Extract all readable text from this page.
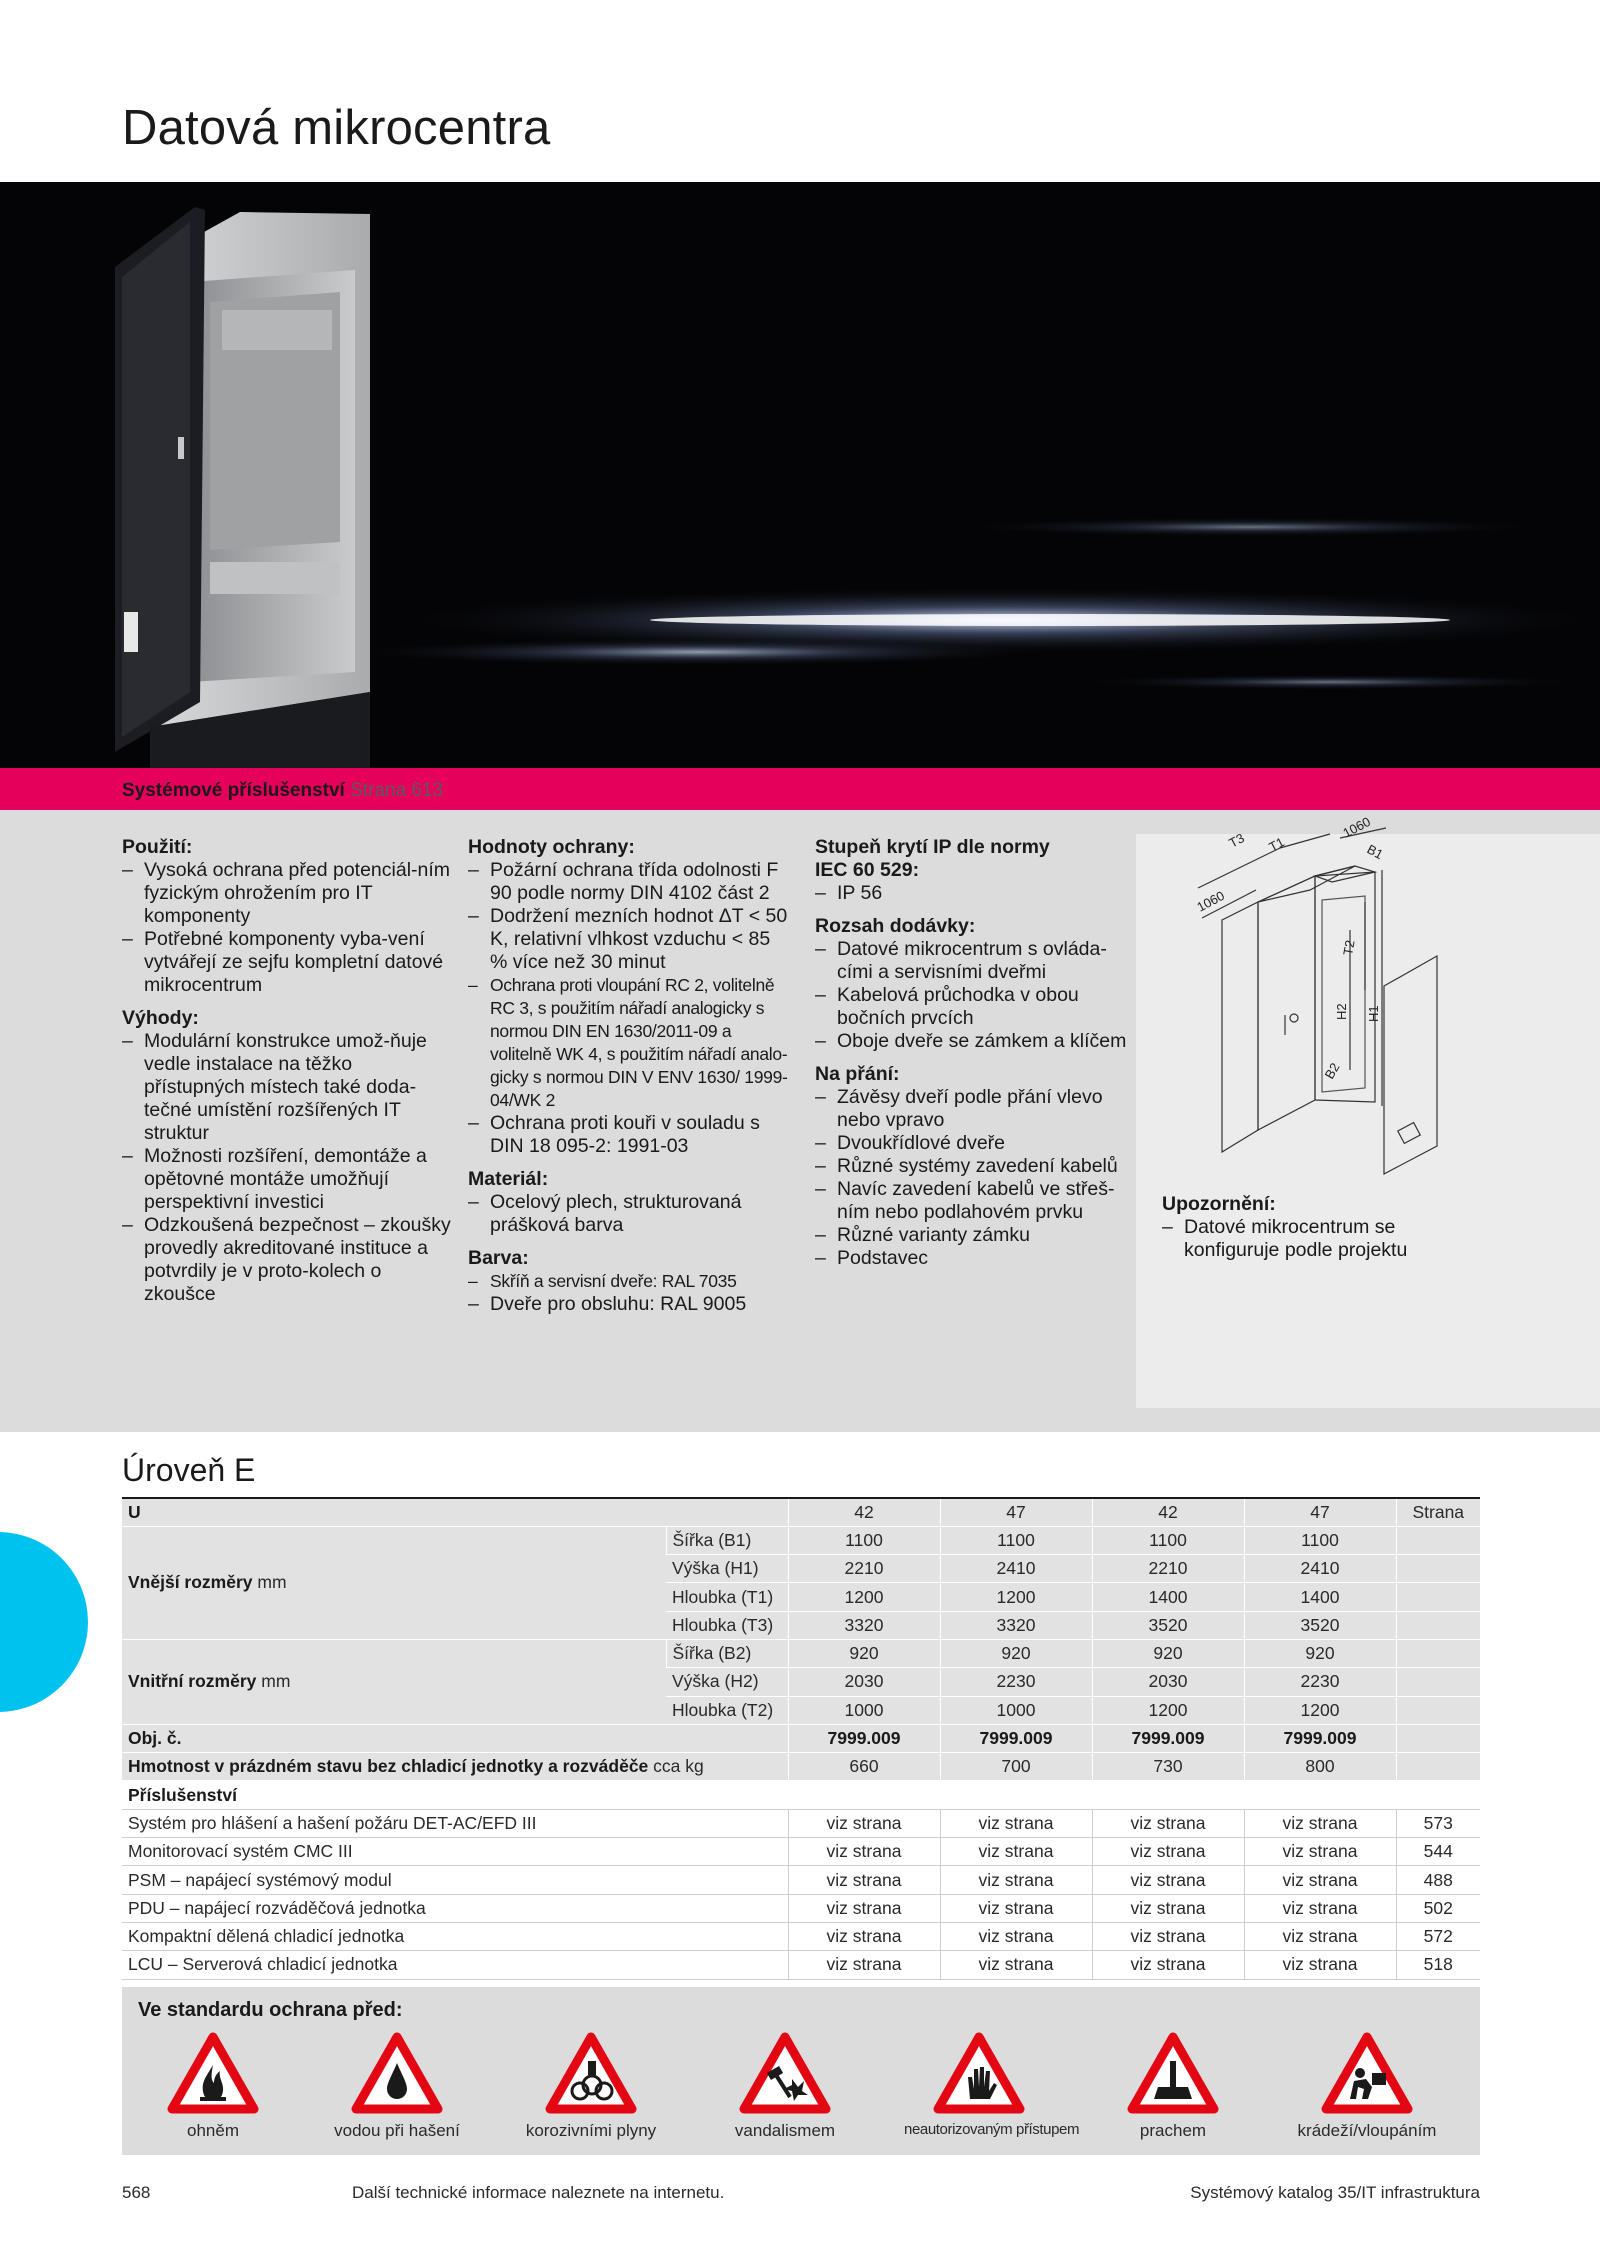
Datová mikrocentra
Systémové příslušenství Strana 613
Použití:
– Vysoká ochrana před potenciál-ním fyzickým ohrožením pro IT komponenty
– Potřebné komponenty vyba-vení vytvářejí ze sejfu kompletní datové mikrocentrum
Výhody:
– Modulární konstrukce umož-ňuje vedle instalace na těžko přístupných místech také doda-tečné umístění rozšířených IT struktur
– Možnosti rozšíření, demontáže a opětovné montáže umožňují perspektivní investici
– Odzkoušená bezpečnost – zkoušky provedly akreditované instituce a potvrdily je v proto-kolech o zkoušce
Hodnoty ochrany:
– Požární ochrana třída odolnosti F 90 podle normy DIN 4102 část 2
– Dodržení mezních hodnot ΔT < 50 K, relativní vlhkost vzduchu < 85 % více než 30 minut
– Ochrana proti vloupání RC 2, volitelně RC 3, s použitím nářadí analogicky s normou DIN EN 1630/2011-09 a volitelně WK 4, s použitím nářadí analo-gicky s normou DIN V ENV 1630/ 1999-04/WK 2
– Ochrana proti kouři v souladu s DIN 18 095-2: 1991-03
Materiál:
– Ocelový plech, strukturovaná prášková barva
Barva:
– Skříň a servisní dveře: RAL 7035
– Dveře pro obsluhu: RAL 9005
Stupeň krytí IP dle normy
IEC 60 529:
– IP 56
Rozsah dodávky:
– Datové mikrocentrum s ovláda-cími a servisními dveřmi
– Kabelová průchodka v obou bočních prvcích
– Oboje dveře se zámkem a klíčem
Na přání:
– Závěsy dveří podle přání vlevo nebo vpravo
– Dvoukřídlové dveře
– Různé systémy zavedení kabelů
– Navíc zavedení kabelů ve střeš-ním nebo podlahovém prvku
– Různé varianty zámku
– Podstavec
T3 T1
1060
B1
1060
T2
H2 H1
B2
Upozornění:
– Datové mikrocentrum se konfiguruje podle projektu
Úroveň E
U		42	47	42	47	Strana
Vnější rozměry mm	Šířka (B1)	1100	1100	1100	1100	
	Výška (H1)	2210	2410	2210	2410	
	Hloubka (T1)	1200	1200	1400	1400	
	Hloubka (T3)	3320	3320	3520	3520	
Vnitřní rozměry mm	Šířka (B2)	920	920	920	920	
	Výška (H2)	2030	2230	2030	2230	
	Hloubka (T2)	1000	1000	1200	1200	
Obj. č.		7999.009	7999.009	7999.009	7999.009	
Hmotnost v prázdném stavu bez chladicí jednotky a rozváděče cca kg		660	700	730	800	
Příslušenství						
Systém pro hlášení a hašení požáru DET-AC/EFD III		viz strana	viz strana	viz strana	viz strana	573
Monitorovací systém CMC III		viz strana	viz strana	viz strana	viz strana	544
PSM – napájecí systémový modul		viz strana	viz strana	viz strana	viz strana	488
PDU – napájecí rozváděčová jednotka		viz strana	viz strana	viz strana	viz strana	502
Kompaktní dělená chladicí jednotka		viz strana	viz strana	viz strana	viz strana	572
LCU – Serverová chladicí jednotka		viz strana	viz strana	viz strana	viz strana	518
Ve standardu ochrana před:
ohněm	vodou při hašení	korozivními plyny	vandalismem	neautorizovaným přístupem	prachem	krádeží/vloupáním
568	Další technické informace naleznete na internetu.	Systémový katalog 35/IT infrastruktura
